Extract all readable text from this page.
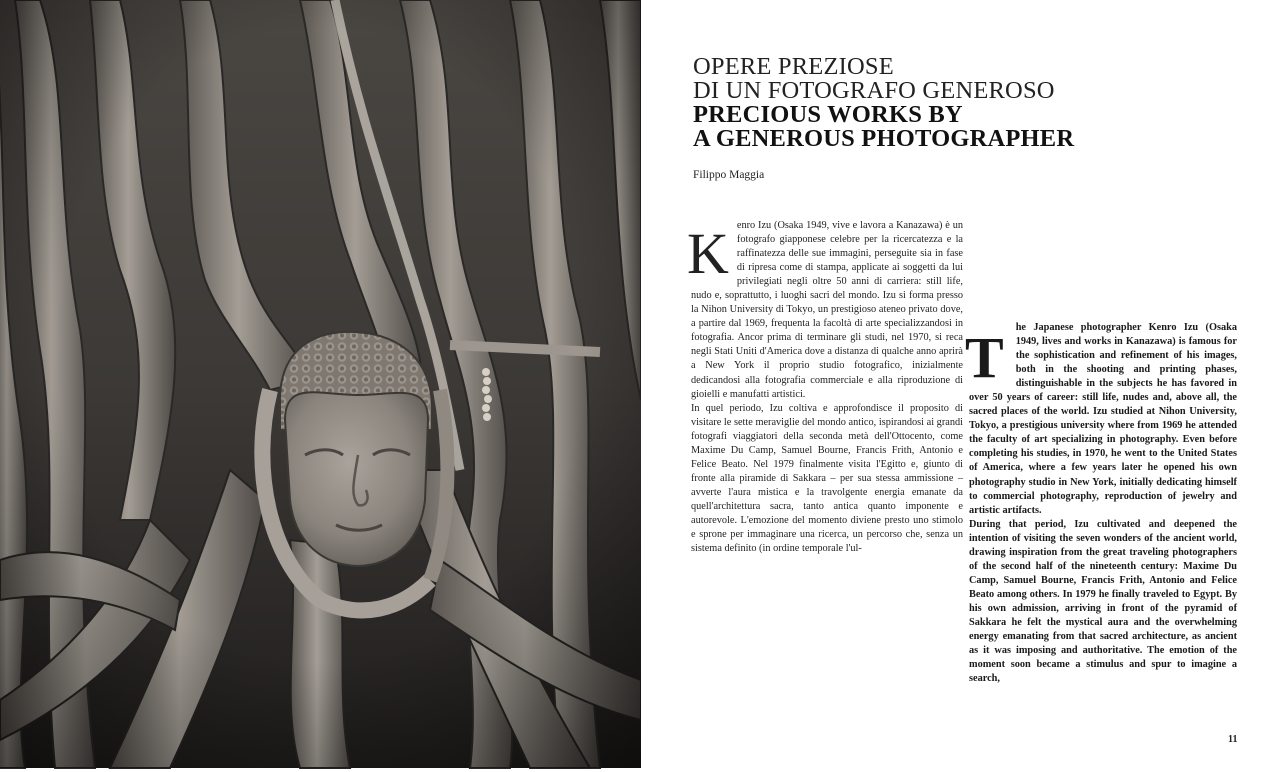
OPERE PREZIOSE
DI UN FOTOGRAFO GENEROSO
PRECIOUS WORKS BY
A GENEROUS PHOTOGRAPHER
Filippo Maggia
K enro Izu (Osaka 1949, vive e lavora a Kanazawa) è un fotografo giapponese celebre per la ricercatezza e la raffinatezza delle sue immagini, perseguite sia in fase di ripresa come di stampa, applicate ai soggetti da lui privilegiati negli oltre 50 anni di carriera: still life, nudo e, soprattutto, i luoghi sacri del mondo. Izu si forma presso la Nihon University di Tokyo, un prestigioso ateneo privato dove, a partire dal 1969, frequenta la facoltà di arte specializzandosi in fotografia. Ancor prima di terminare gli studi, nel 1970, si reca negli Stati Uniti d'America dove a distanza di qualche anno aprirà a New York il proprio studio fotografico, inizialmente dedicandosi alla fotografia commerciale e alla riproduzione di gioielli e manufatti artistici.

In quel periodo, Izu coltiva e approfondisce il proposito di visitare le sette meraviglie del mondo antico, ispirandosi ai grandi fotografi viaggiatori della seconda metà dell'Ottocento, come Maxime Du Camp, Samuel Bourne, Francis Frith, Antonio e Felice Beato. Nel 1979 finalmente visita l'Egitto e, giunto di fronte alla piramide di Sakkara – per sua stessa ammissione – avverte l'aura mistica e la travolgente energia emanate da quell'architettura sacra, tanto antica quanto imponente e autorevole. L'emozione del momento diviene presto uno stimolo e sprone per immaginare una ricerca, un percorso che, senza un sistema definito (in ordine temporale l'ul-

T	he Japanese photographer Kenro Izu (Osaka 1949, lives and works in Kanazawa) is famous for the sophistication and refinement of his images, both in the shooting and printing phases, distinguishable in the subjects he has favored in over 50 years of career: still life, nudes and, above all, the sacred places of the world. Izu studied at Nihon University, Tokyo, a prestigious university where from 1969 he attended the faculty of art specializing in photography. Even before completing his studies, in 1970, he went to the United States of America, where a few years later he opened his own photography studio in New York, initially dedicating himself to commercial photography, reproduction of jewelry and artistic artifacts.

During that period, Izu cultivated and deepened the intention of visiting the seven wonders of the ancient world, drawing inspiration from the great traveling photographers of the second half of the nineteenth century: Maxime Du Camp, Samuel Bourne, Francis Frith, Antonio and Felice Beato among others. In 1979 he finally traveled to Egypt. By his own admission, arriving in front of the pyramid of Sakkara he felt the mystical aura and the overwhelming energy emanating from that sacred architecture, as ancient as it was imposing and authoritative. The emotion of the moment soon became a stimulus and spur to imagine a search,

11
